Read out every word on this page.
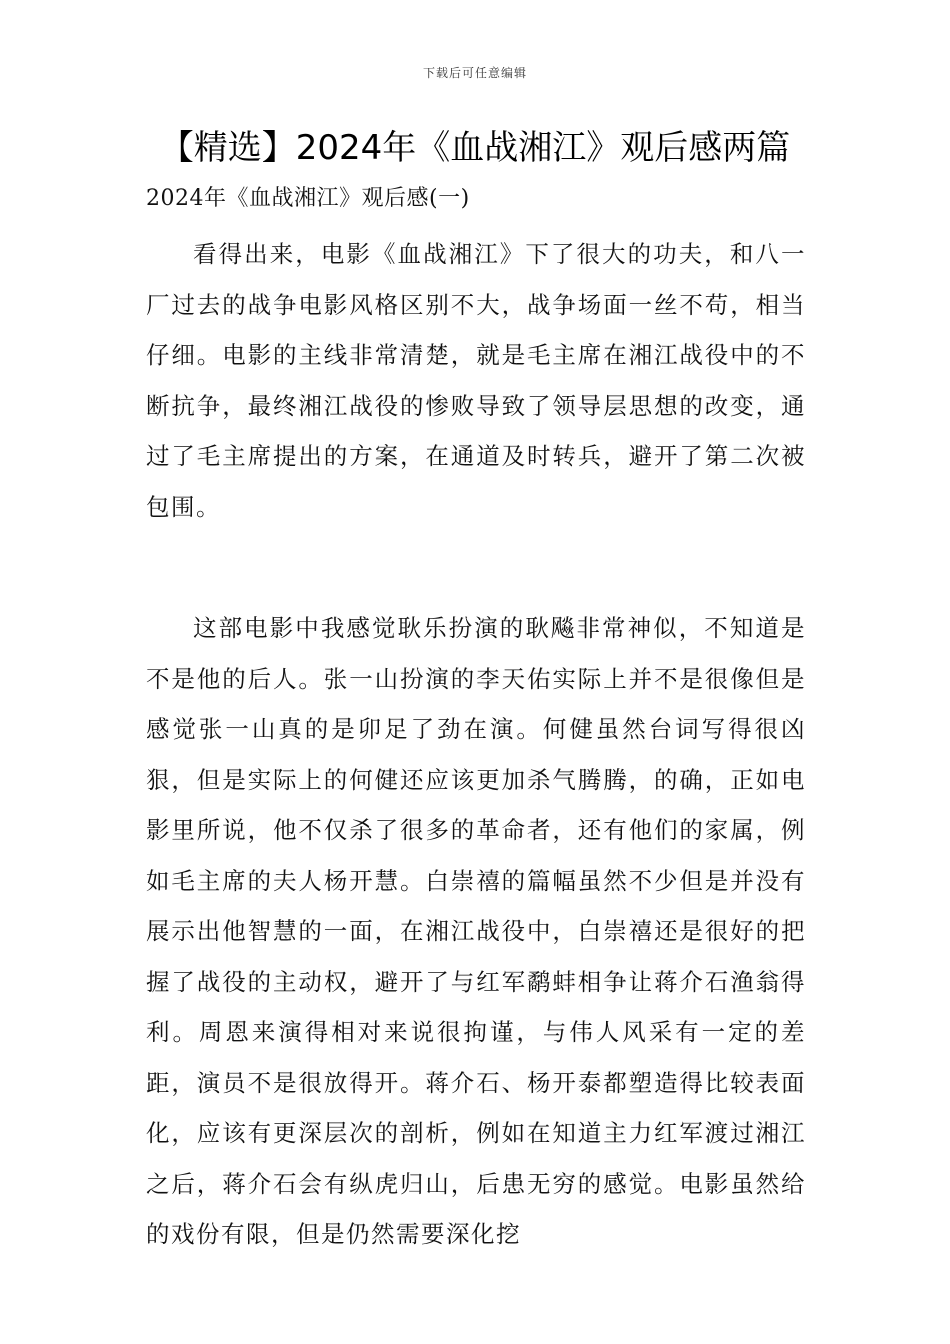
下载后可任意编辑
【精选】2024年《血战湘江》观后感两篇

2024年《血战湘江》观后感(一)

看得出来，电影《血战湘江》下了很大的功夫，和八一厂过去的战争电影风格区别不大，战争场面一丝不苟，相当仔细。电影的主线非常清楚，就是毛主席在湘江战役中的不断抗争，最终湘江战役的惨败导致了领导层思想的改变，通过了毛主席提出的方案，在通道及时转兵，避开了第二次被包围。

这部电影中我感觉耿乐扮演的耿飚非常神似，不知道是不是他的后人。张一山扮演的李天佑实际上并不是很像但是感觉张一山真的是卯足了劲在演。何健虽然台词写得很凶狠，但是实际上的何健还应该更加杀气腾腾，的确，正如电影里所说，他不仅杀了很多的革命者，还有他们的家属，例如毛主席的夫人杨开慧。白崇禧的篇幅虽然不少但是并没有展示出他智慧的一面，在湘江战役中，白崇禧还是很好的把握了战役的主动权，避开了与红军鹬蚌相争让蒋介石渔翁得利。周恩来演得相对来说很拘谨，与伟人风采有一定的差距，演员不是很放得开。蒋介石、杨开泰都塑造得比较表面化，应该有更深层次的剖析，例如在知道主力红军渡过湘江之后，蒋介石会有纵虎归山，后患无穷的感觉。电影虽然给的戏份有限，但是仍然需要深化挖
